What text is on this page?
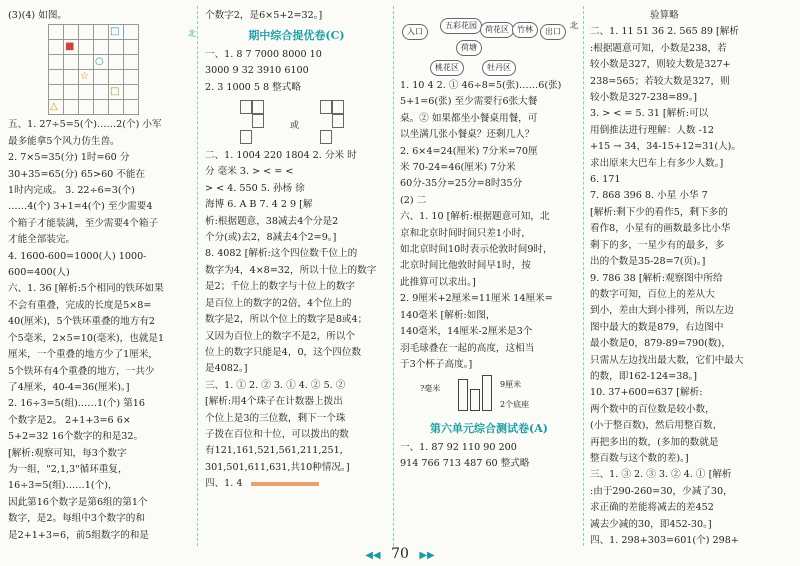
(3)(4) 如图。
□
■
○
☆
□
△
北
五、1. 27÷5=5(个)……2(个) 小军
最多能拿5个风力仿生兽。
2. 7×5=35(分) 1时=60 分
30+35=65(分) 65>60 不能在
1时内完成。 3. 22÷6=3(个)
……4(个) 3+1=4(个) 至少需要4
个箱子才能装满，至少需要4个箱子
才能全部装完。
4. 1600-600=1000(人) 1000-
600=400(人)
六、1. 36 [解析:5个相同的铁环如果
不会有重叠，完成的长度是5×8=
40(厘米)，5个铁环重叠的地方有2
个5毫米，2×5=10(毫米)，也就是1
厘米，一个重叠的地方少了1厘米，
5个铁环有4个重叠的地方，一共少
了4厘米，40-4=36(厘米)。]
2. 16÷3=5(组)……1(个) 第16
个数字是2。 2+1+3=6 6×
5+2=32 16个数字的和是32。
[解析:观察可知，每3个数字
为一组，"2,1,3"循环重复，
16÷3=5(组)……1(个)，
因此第16个数字是第6组的第1个
数字，是2。每组中3个数字的和
是2+1+3=6，前5组数字的和是
个数字2，是6×5+2=32。]
期中综合提优卷(C)
一、1. 8 7 7000 8000 10
3000 9 32 3910 6100
2. 3 1000 5 8 整式略
或
二、1. 1004 220 1804 2. 分米 时
分 毫米 3. > < = <
> < 4. 550 5. 孙杨 徐
海博 6. A B 7. 4 2 9 [解
析:根据题意，38减去4个分是2
个分(或)去2，8减去4个2=9。]
8. 4082 [解析:这个四位数千位上的
数字为4，4×8=32，所以十位上的数字
是2；千位上的数字与十位上的数字
是百位上的数字的2倍，4个位上的
数字是2，所以个位上的数字是8或4；
又因为百位上的数字不是2，所以个
位上的数字只能是4，0，这个四位数
是4082。]
三、1. ① 2. ② 3. ① 4. ② 5. ②
[解析:用4个珠子在计数器上拨出
个位上是3的三位数，剩下一个珠
子拨在百位和十位，可以拨出的数
有121,161,521,561,211,251,
301,501,611,631,共10种情况。]
四、1. 4
入口
五彩花园	荷花区	竹林	出口
荷塘
桃花区	牡丹区
北
1. 10 4 2. ① 46÷8=5(张)……6(张)
5+1=6(张) 至少需要行6张大餐
桌。② 如果都坐小餐桌用餐，可
以坐满几张小餐桌？还剩几人？
2. 6×4=24(厘米) 7分米=70厘
米 70-24=46(厘米) 7分米
60分-35分=25分=8时35分
(2) 二
六、1. 10 [解析:根据题意可知，北
京和北京时间时间只差1小时，
如北京时间10时表示伦敦时间9时，
北京时间比他敦时间早1时，按
此推算可以求出。]
2. 9厘米+2厘米=11厘米 14厘米=
140毫米 [解析:如图，
140毫米，14厘米-2厘米是3个
羽毛球叠在一起的高度，这相当
于3个杯子高度。]
?毫米	9厘米
2个底座
第六单元综合测试卷(A)
一、1. 87 92 110 90 200
914 766 713 487 60 整式略
验算略
二、1. 11 51 36 2. 565 89 [解析
:根据题意可知，小数是238，若
较小数是327，则较大数是327+
238=565；若较大数是327，则
较小数是327-238=89。]
3. > < = 5. 31 [解析:可以
用倒推法进行理解：人数 -12
+15 → 34，34-15+12=31(人)。
求出原来大巴车上有多少人数。]
6. 171
7. 868 396 8. 小星 小华 7
[解析:剩下少的看作5，剩下多的
看作8，小星有的画数最多比小华
剩下的多，一星少有的最多，多
出的个数是35-28=7(页)。]
9. 786 38 [解析:观察图中所给
的数字可知，百位上的差从大
到小，差由大到小排列，所以左边
图中最大的数是879，右边图中
最小数是0，879-89=790(数)，
只需从左边找出最大数，它们中最大
的数，即162-124=38。]
10. 37+600=637 [解析:
两个数中的百位数是较小数，
(小于整百数)，然后用整百数，
再把多出的数，(多加的数就是
整百数与这个数的差)。]
三、1. ③ 2. ③ 3. ② 4. ① [解析
:由于290-260=30，少减了30，
求正确的差能将减去的差452
减去少减的30，即452-30。]
四、1. 298+303=601(个) 298+
◀◀ 70 ▶▶
